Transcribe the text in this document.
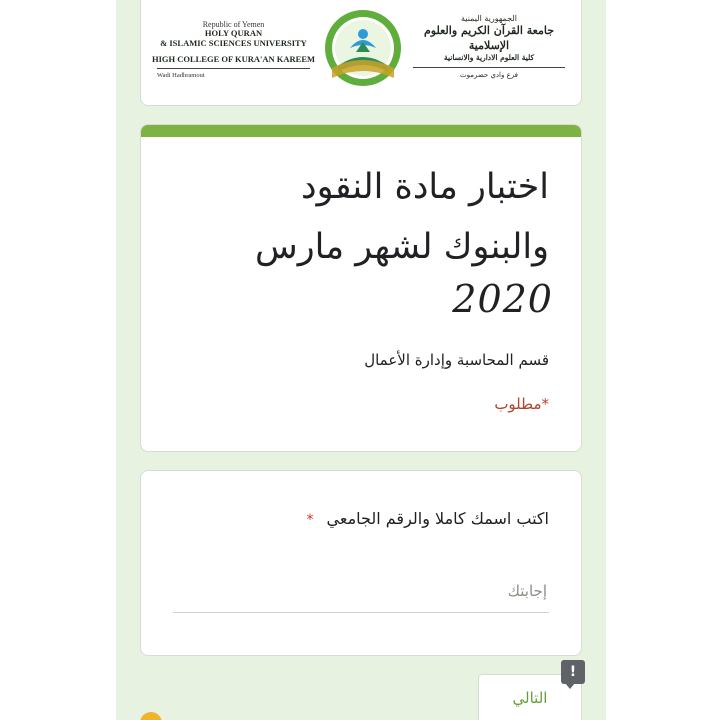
Republic of Yemen
HOLY QURAN
& ISLAMIC SCIENCES UNIVERSITY
HIGH COLLEGE OF KURA'AN KAREEM
Wadi Hadhramout
الجمهورية اليمنية
جامعة القرآن الكريم والعلوم الإسلامية
كلية العلوم الادارية والانسانية
فرع وادي حضرموت
اختبار مادة النقود والبنوك لشهر مارس
2020
قسم المحاسبة وإدارة الأعمال
*مطلوب
اكتب اسمك كاملا والرقم الجامعي *
إجابتك
التالي
!
